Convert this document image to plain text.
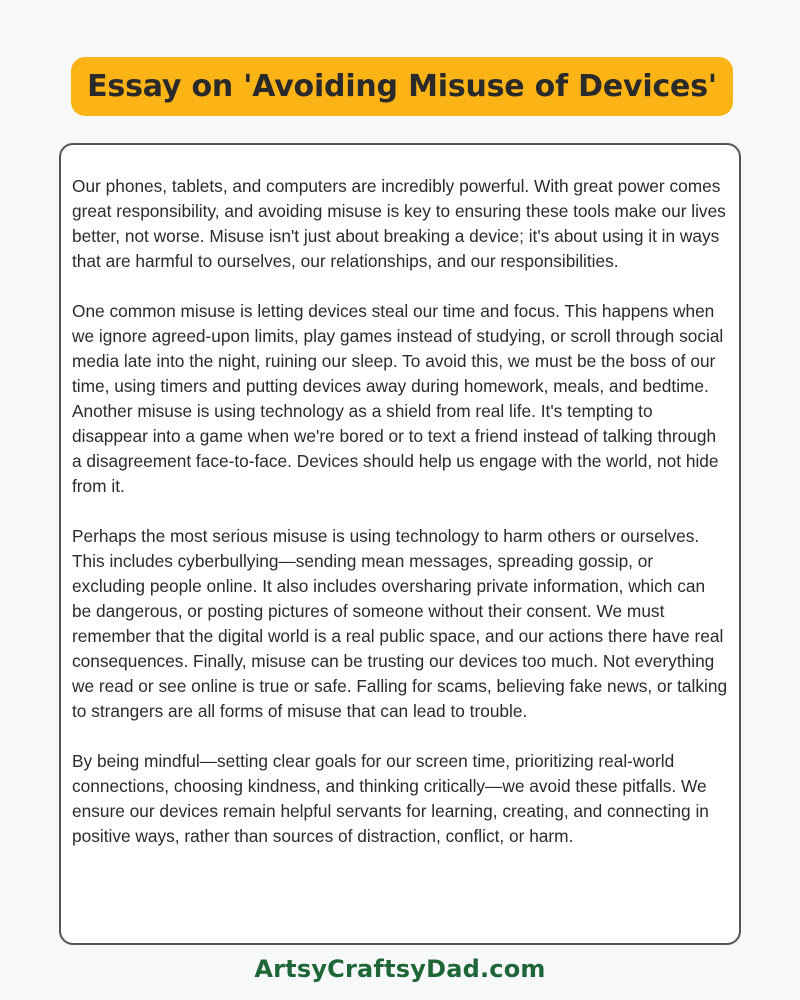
Essay on 'Avoiding Misuse of Devices'

Our phones, tablets, and computers are incredibly powerful. With great power comes great responsibility, and avoiding misuse is key to ensuring these tools make our lives better, not worse. Misuse isn't just about breaking a device; it's about using it in ways that are harmful to ourselves, our relationships, and our responsibilities.

One common misuse is letting devices steal our time and focus. This happens when we ignore agreed-upon limits, play games instead of studying, or scroll through social media late into the night, ruining our sleep. To avoid this, we must be the boss of our time, using timers and putting devices away during homework, meals, and bedtime. Another misuse is using technology as a shield from real life. It's tempting to disappear into a game when we're bored or to text a friend instead of talking through a disagreement face-to-face. Devices should help us engage with the world, not hide from it.

Perhaps the most serious misuse is using technology to harm others or ourselves. This includes cyberbullying—sending mean messages, spreading gossip, or excluding people online. It also includes oversharing private information, which can be dangerous, or posting pictures of someone without their consent. We must remember that the digital world is a real public space, and our actions there have real consequences. Finally, misuse can be trusting our devices too much. Not everything we read or see online is true or safe. Falling for scams, believing fake news, or talking to strangers are all forms of misuse that can lead to trouble.

By being mindful—setting clear goals for our screen time, prioritizing real-world connections, choosing kindness, and thinking critically—we avoid these pitfalls. We ensure our devices remain helpful servants for learning, creating, and connecting in positive ways, rather than sources of distraction, conflict, or harm.

ArtsyCraftsyDad.com
